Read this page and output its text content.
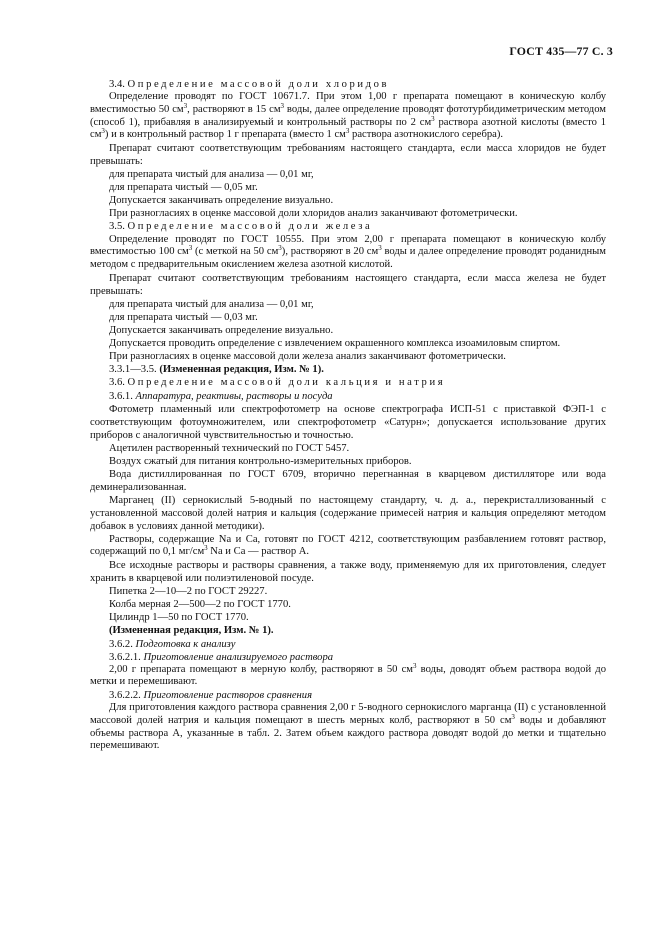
ГОСТ 435—77 С. 3

3.4. Определение массовой доли хлоридов

Определение проводят по ГОСТ 10671.7. При этом 1,00 г препарата помещают в коническую колбу вместимостью 50 $см^3$, растворяют в 15 $см^3$ воды, далее определение проводят фототурбидиметрическим методом (способ 1), прибавляя в анализируемый и контрольный растворы по 2 $см^3$ раствора азотной кислоты (вместо 1 $см^3$) и в контрольный раствор 1 г препарата (вместо 1 $см^3$ раствора азотнокислого серебра).

Препарат считают соответствующим требованиям настоящего стандарта, если масса хлоридов не будет превышать:

для препарата чистый для анализа — 0,01 мг,

для препарата чистый — 0,05 мг.

Допускается заканчивать определение визуально.

При разногласиях в оценке массовой доли хлоридов анализ заканчивают фотометрически.

3.5. Определение массовой доли железа

Определение проводят по ГОСТ 10555. При этом 2,00 г препарата помещают в коническую колбу вместимостью 100 $см^3$ (с меткой на 50 $см^3$), растворяют в 20 $см^3$ воды и далее определение проводят роданидным методом с предварительным окислением железа азотной кислотой.

Препарат считают соответствующим требованиям настоящего стандарта, если масса железа не будет превышать:

для препарата чистый для анализа — 0,01 мг,

для препарата чистый — 0,03 мг.

Допускается заканчивать определение визуально.

Допускается проводить определение с извлечением окрашенного комплекса изоамиловым спиртом.

При разногласиях в оценке массовой доли железа анализ заканчивают фотометрически.

3.3.1—3.5. (Измененная редакция, Изм. № 1).

3.6. Определение массовой доли кальция и натрия

3.6.1. Аппаратура, реактивы, растворы и посуда

Фотометр пламенный или спектрофотометр на основе спектрографа ИСП-51 с приставкой ФЭП-1 с соответствующим фотоумножителем, или спектрофотометр «Сатурн»; допускается использование других приборов с аналогичной чувствительностью и точностью.

Ацетилен растворенный технический по ГОСТ 5457.

Воздух сжатый для питания контрольно-измерительных приборов.

Вода дистиллированная по ГОСТ 6709, вторично перегнанная в кварцевом дистилляторе или вода деминерализованная.

Марганец (II) сернокислый 5-водный по настоящему стандарту, ч. д. а., перекристаллизованный с установленной массовой долей натрия и кальция (содержание примесей натрия и кальция определяют методом добавок в условиях данной методики).

Растворы, содержащие Na и Ca, готовят по ГОСТ 4212, соответствующим разбавлением готовят раствор, содержащий по 0,1 $мг/см^3$ Na и Ca — раствор А.

Все исходные растворы и растворы сравнения, а также воду, применяемую для их приготовления, следует хранить в кварцевой или полиэтиленовой посуде.

Пипетка 2—10—2 по ГОСТ 29227.

Колба мерная 2—500—2 по ГОСТ 1770.

Цилиндр 1—50 по ГОСТ 1770.

(Измененная редакция, Изм. № 1).

3.6.2. Подготовка к анализу

3.6.2.1. Приготовление анализируемого раствора

2,00 г препарата помещают в мерную колбу, растворяют в 50 $см^3$ воды, доводят объем раствора водой до метки и перемешивают.

3.6.2.2. Приготовление растворов сравнения

Для приготовления каждого раствора сравнения 2,00 г 5-водного сернокислого марганца (II) с установленной массовой долей натрия и кальция помещают в шесть мерных колб, растворяют в 50 $см^3$ воды и добавляют объемы раствора А, указанные в табл. 2. Затем объем каждого раствора доводят водой до метки и тщательно перемешивают.
